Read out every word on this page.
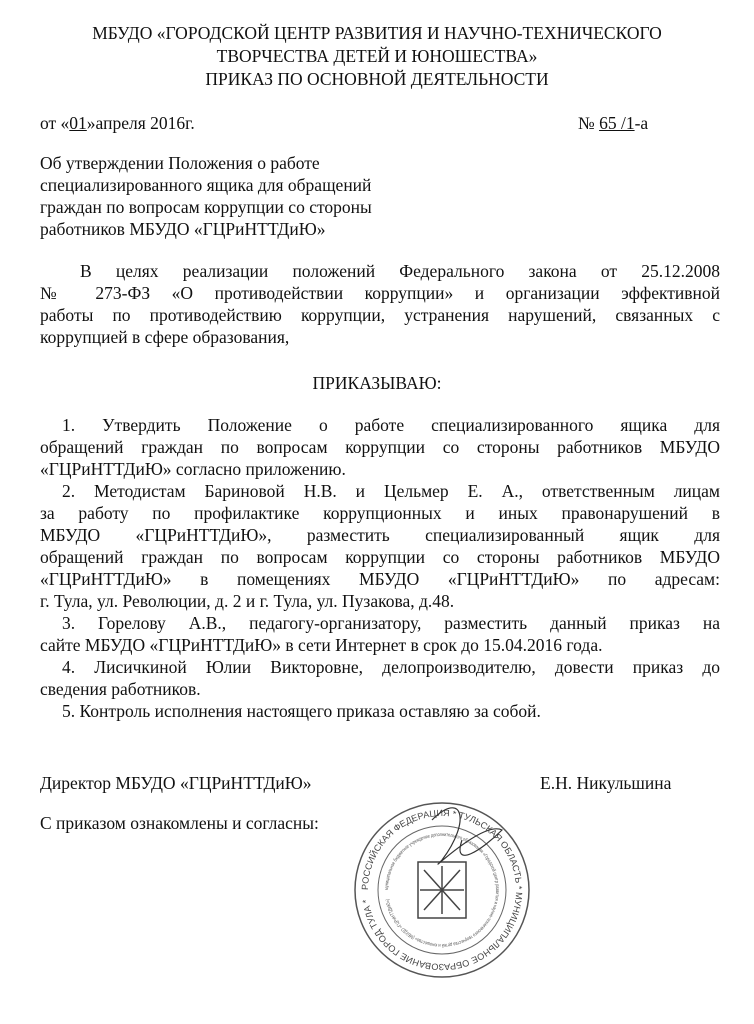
МБУДО «ГОРОДСКОЙ ЦЕНТР РАЗВИТИЯ И НАУЧНО-ТЕХНИЧЕСКОГО
ТВОРЧЕСТВА ДЕТЕЙ И ЮНОШЕСТВА»
ПРИКАЗ ПО ОСНОВНОЙ ДЕЯТЕЛЬНОСТИ
от «01»апреля 2016г.	№ 65 /1-а
Об утверждении Положения о работе
специализированного ящика для обращений
граждан по вопросам коррупции со стороны
работников МБУДО «ГЦРиНТТДиЮ»
В целях реализации положений Федерального закона от 25.12.2008
№ 273-ФЗ «О противодействии коррупции» и организации эффективной
работы по противодействию коррупции, устранения нарушений, связанных с
коррупцией в сфере образования,
ПРИКАЗЫВАЮ:
1. Утвердить Положение о работе специализированного ящика для
обращений граждан по вопросам коррупции со стороны работников МБУДО
«ГЦРиНТТДиЮ» согласно приложению.
2. Методистам Бариновой Н.В. и Цельмер Е. А., ответственным лицам
за работу по профилактике коррупционных и иных правонарушений в
МБУДО «ГЦРиНТТДиЮ», разместить специализированный ящик для
обращений граждан по вопросам коррупции со стороны работников МБУДО
«ГЦРиНТТДиЮ» в помещениях МБУДО «ГЦРиНТТДиЮ» по адресам:
г. Тула, ул. Революции, д. 2 и г. Тула, ул. Пузакова, д.48.
3. Горелову А.В., педагогу-организатору, разместить данный приказ на
сайте МБУДО «ГЦРиНТТДиЮ» в сети Интернет в срок до 15.04.2016 года.
4. Лисичкиной Юлии Викторовне, делопроизводителю, довести приказ до
сведения работников.
5. Контроль исполнения настоящего приказа оставляю за собой.
Директор МБУДО «ГЦРиНТТДиЮ»	Е.Н. Никульшина
С приказом ознакомлены и согласны:
РОССИЙСКАЯ ФЕДЕРАЦИЯ * ТУЛЬСКАЯ ОБЛАСТЬ * МУНИЦИПАЛЬНОЕ ОБРАЗОВАНИЕ ГОРОД ТУЛА *
муниципальное бюджетное учреждение дополнительного образования «Городской центр развития и научно-технического творчества детей и юношества» (МБУДО «ГЦРиНТТДиЮ»)
